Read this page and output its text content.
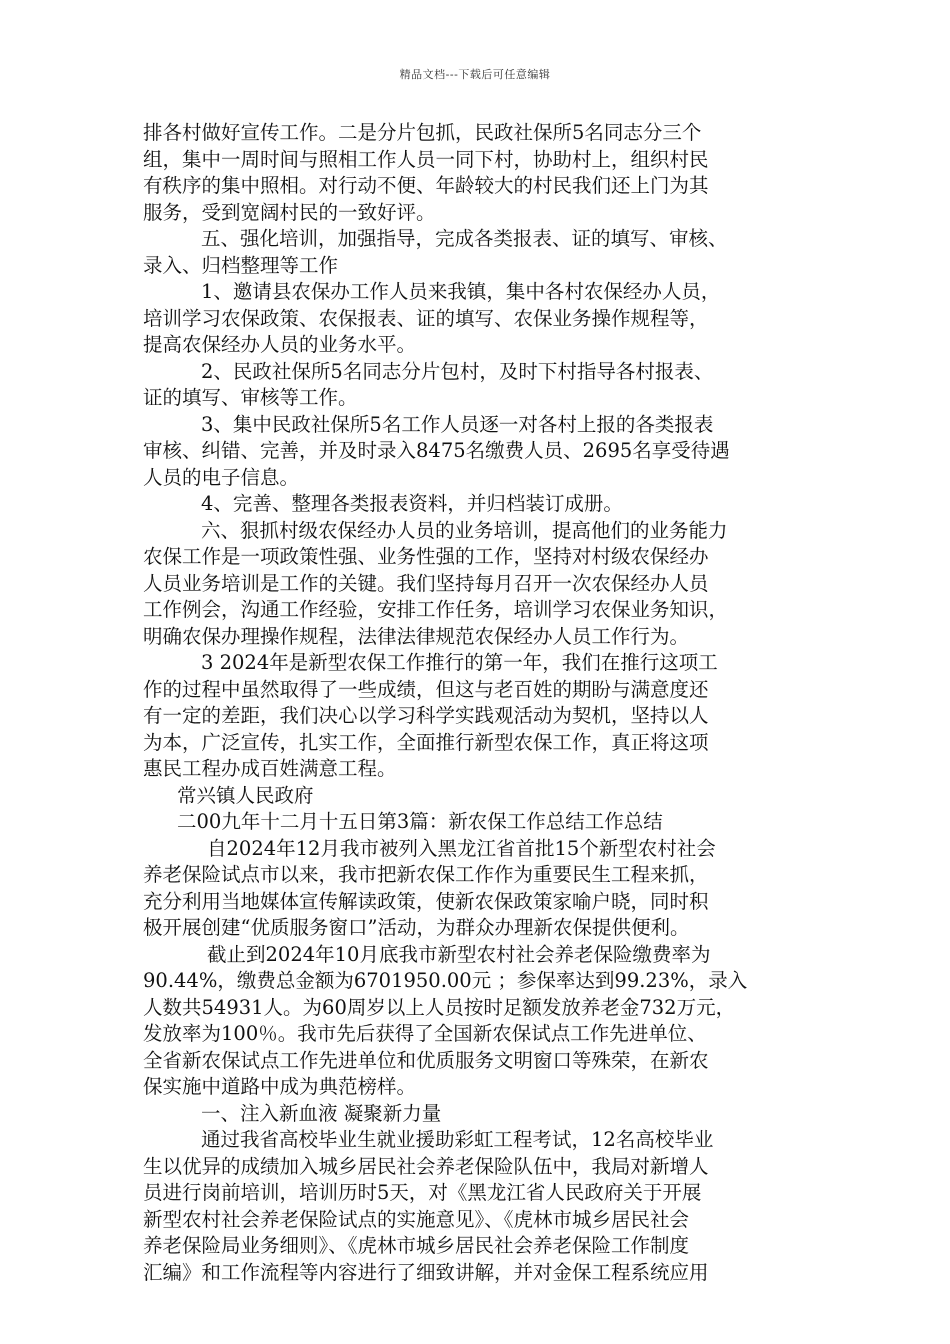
精品文档---下载后可任意编辑
排各村做好宣传工作。二是分片包抓，民政社保所5名同志分三个
组，集中一周时间与照相工作人员一同下村，协助村上，组织村民
有秩序的集中照相。对行动不便、年龄较大的村民我们还上门为其
服务，受到宽阔村民的一致好评。
五、强化培训，加强指导，完成各类报表、证的填写、审核、
录入、归档整理等工作
1、邀请县农保办工作人员来我镇，集中各村农保经办人员，
培训学习农保政策、农保报表、证的填写、农保业务操作规程等，
提高农保经办人员的业务水平。
2、民政社保所5名同志分片包村，及时下村指导各村报表、
证的填写、审核等工作。
3、集中民政社保所5名工作人员逐一对各村上报的各类报表
审核、纠错、完善，并及时录入8475名缴费人员、2695名享受待遇
人员的电子信息。
4、完善、整理各类报表资料，并归档装订成册。
六、狠抓村级农保经办人员的业务培训，提高他们的业务能力
农保工作是一项政策性强、业务性强的工作，坚持对村级农保经办
人员业务培训是工作的关键。我们坚持每月召开一次农保经办人员
工作例会，沟通工作经验，安排工作任务，培训学习农保业务知识，
明确农保办理操作规程，法律法律规范农保经办人员工作行为。
3 2024年是新型农保工作推行的第一年，我们在推行这项工
作的过程中虽然取得了一些成绩，但这与老百姓的期盼与满意度还
有一定的差距，我们决心以学习科学实践观活动为契机，坚持以人
为本，广泛宣传，扎实工作，全面推行新型农保工作，真正将这项
惠民工程办成百姓满意工程。
常兴镇人民政府
二00九年十二月十五日第3篇：新农保工作总结工作总结
自2024年12月我市被列入黑龙江省首批15个新型农村社会
养老保险试点市以来，我市把新农保工作作为重要民生工程来抓，
充分利用当地媒体宣传解读政策，使新农保政策家喻户晓，同时积
极开展创建“优质服务窗口”活动，为群众办理新农保提供便利。
截止到2024年10月底我市新型农村社会养老保险缴费率为
90.44%，缴费总金额为6701950.00元 ；参保率达到99.23%，录入
人数共54931人。为60周岁以上人员按时足额发放养老金732万元，
发放率为100％。我市先后获得了全国新农保试点工作先进单位、
全省新农保试点工作先进单位和优质服务文明窗口等殊荣，在新农
保实施中道路中成为典范榜样。
一、注入新血液 凝聚新力量
通过我省高校毕业生就业援助彩虹工程考试，12名高校毕业
生以优异的成绩加入城乡居民社会养老保险队伍中，我局对新增人
员进行岗前培训，培训历时5天，对《黑龙江省人民政府关于开展
新型农村社会养老保险试点的实施意见》、《虎林市城乡居民社会
养老保险局业务细则》、《虎林市城乡居民社会养老保险工作制度
汇编》和工作流程等内容进行了细致讲解，并对金保工程系统应用
